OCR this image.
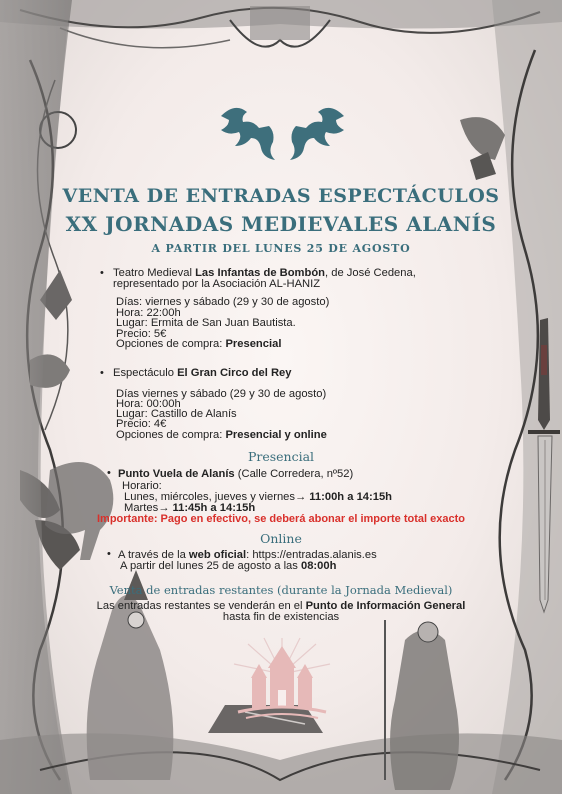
VENTA DE ENTRADAS ESPECTÁCULOS
XX JORNADAS MEDIEVALES ALANÍS
A PARTIR DEL LUNES 25 DE AGOSTO
• Teatro Medieval Las Infantas de Bombón, de José Cedena,
representado por la Asociación AL-HANIZ
Días: viernes y sábado (29 y 30 de agosto)
Hora: 22:00h
Lugar: Ermita de San Juan Bautista.
Precio: 5€
Opciones de compra: Presencial
• Espectáculo El Gran Circo del Rey
Días viernes y sábado (29 y 30 de agosto)
Hora: 00:00h
Lugar: Castillo de Alanís
Precio: 4€
Opciones de compra: Presencial y online
Presencial
• Punto Vuela de Alanís (Calle Corredera, nº52)
Horario:
Lunes, miércoles, jueves y viernes→ 11:00h a 14:15h
Martes→ 11:45h a 14:15h
Importante: Pago en efectivo, se deberá abonar el importe total exacto
Online
• A través de la web oficial: https://entradas.alanis.es
A partir del lunes 25 de agosto a las 08:00h
Venta de entradas restantes (durante la Jornada Medieval)
Las entradas restantes se venderán en el Punto de Información General
hasta fin de existencias
